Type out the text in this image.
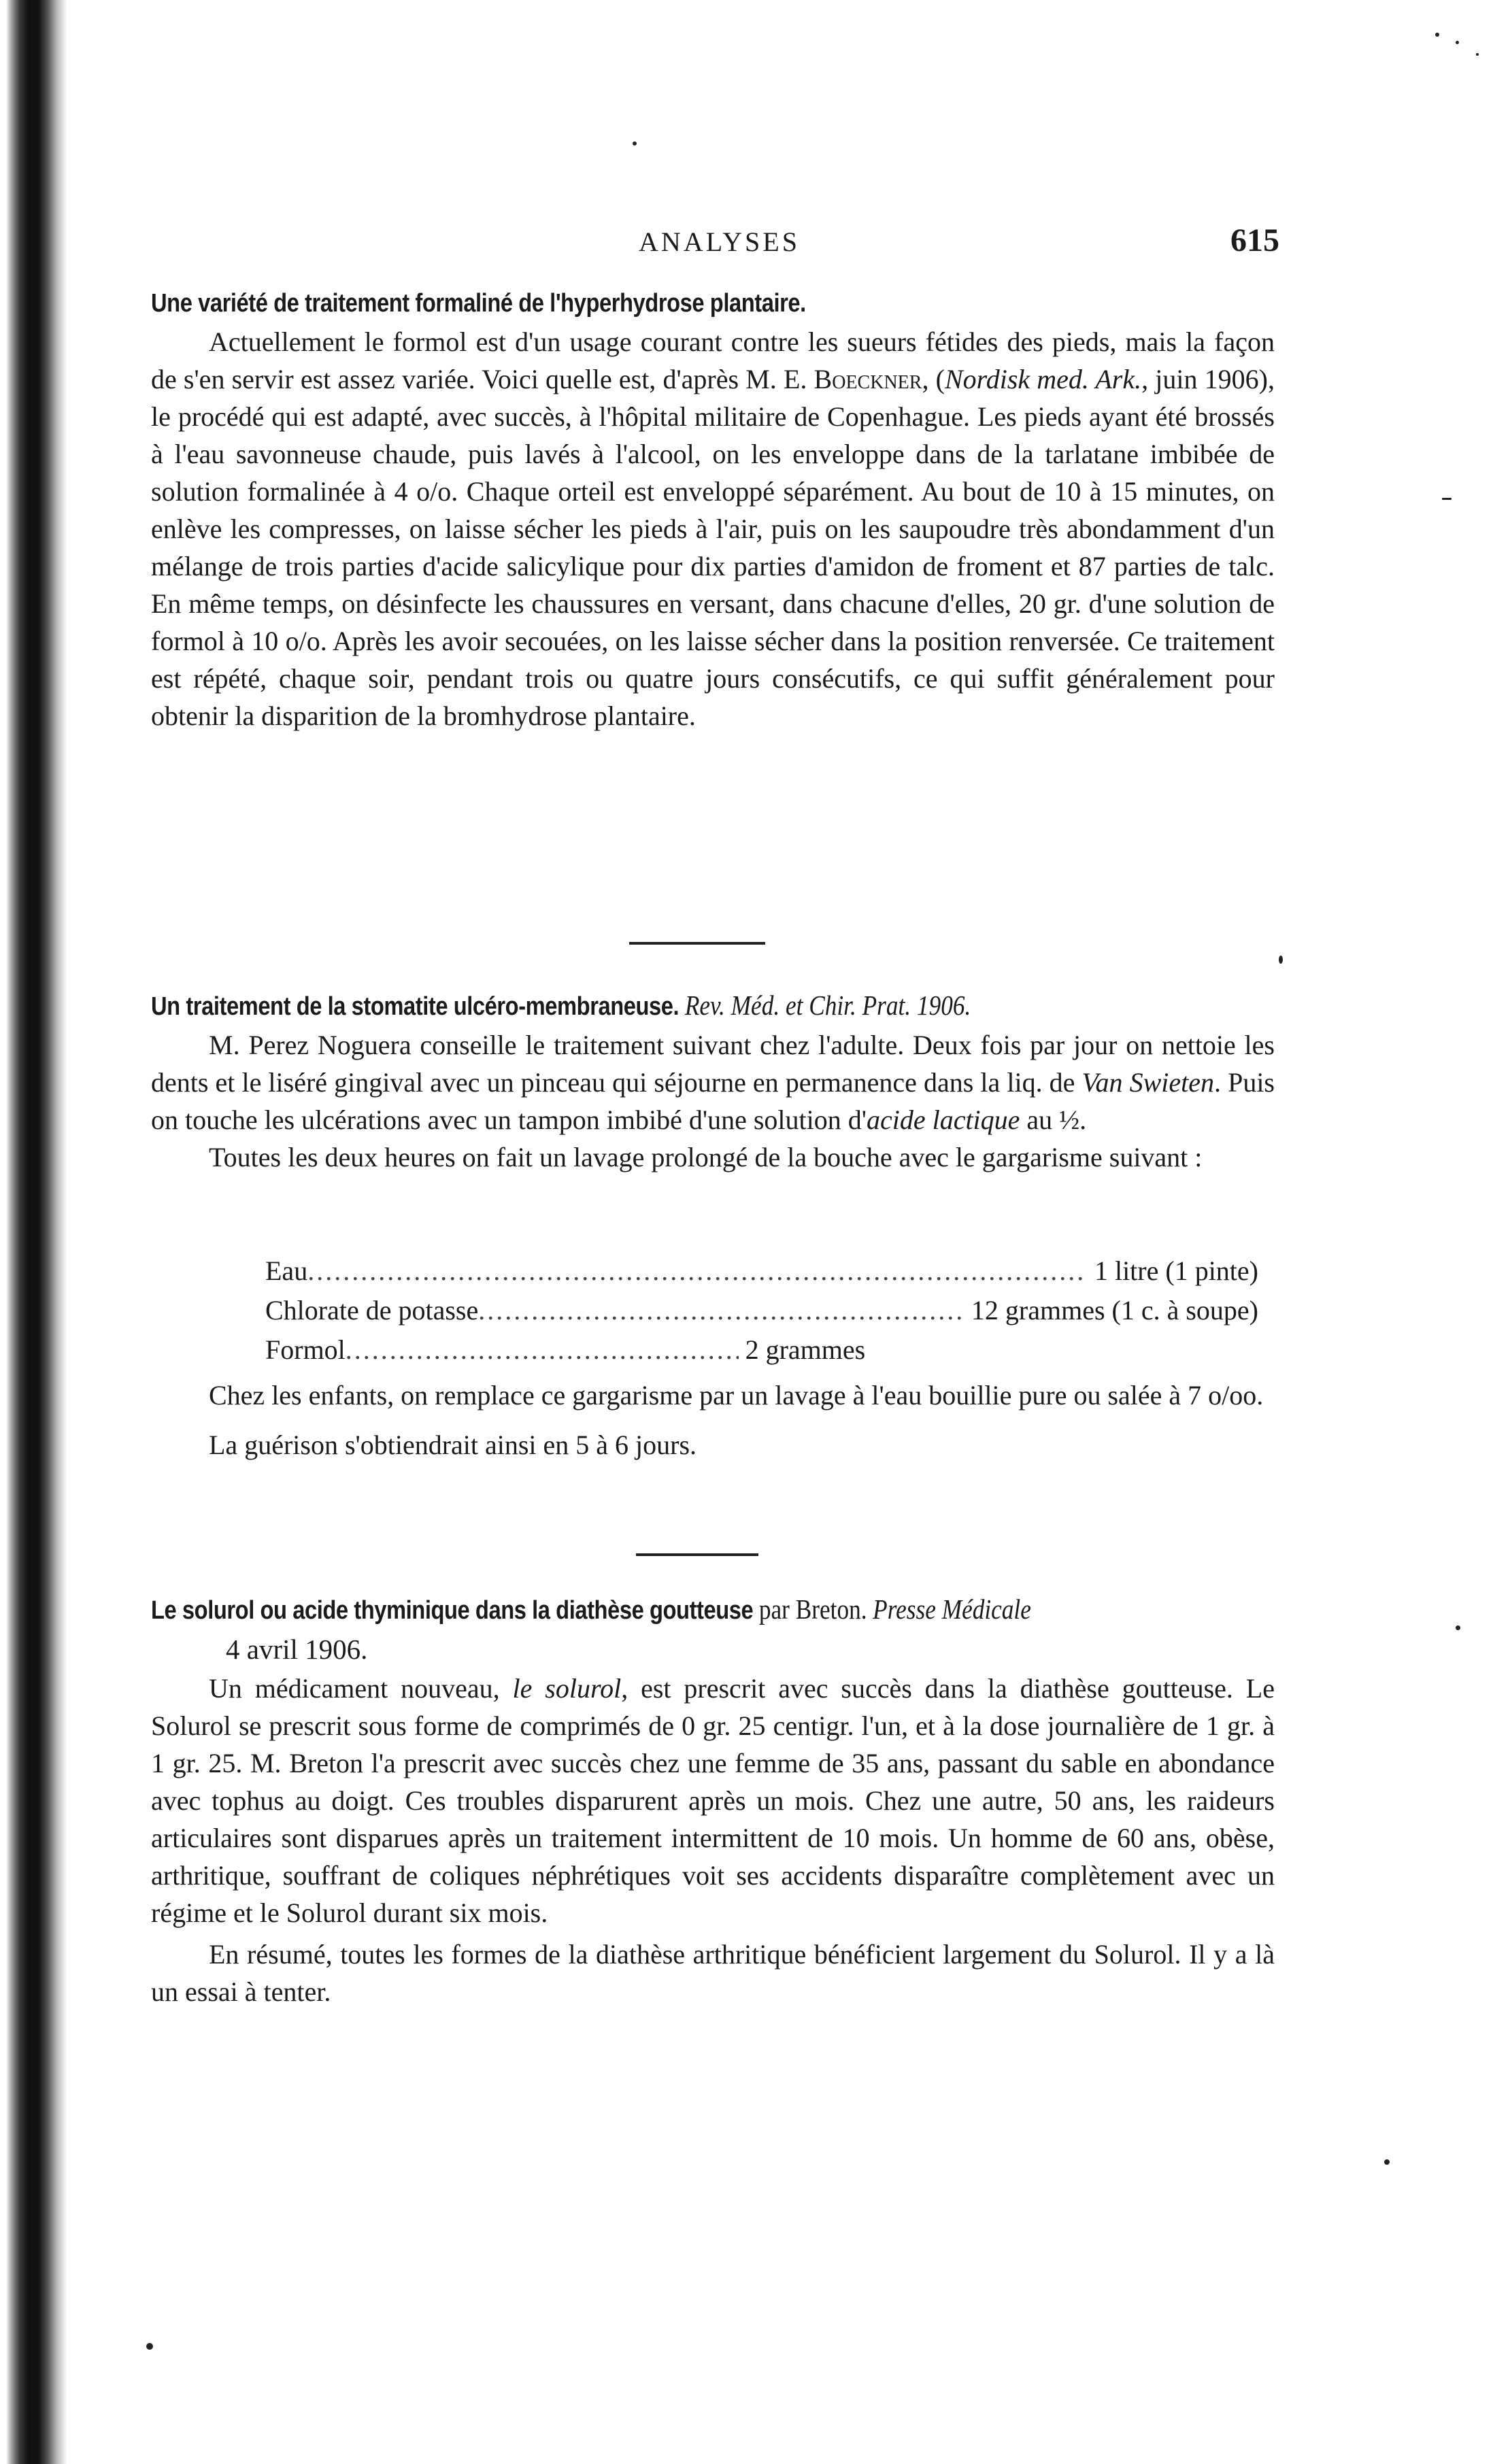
ANALYSES	615
Une variété de traitement formaliné de l'hyperhydrose plantaire.

Actuellement le formol est d'un usage courant contre les sueurs fétides des pieds, mais la façon de s'en servir est assez variée. Voici quelle est, d'après M. E. Boeckner, (Nordisk med. Ark., juin 1906), le procédé qui est adapté, avec succès, à l'hôpital militaire de Copenhague. Les pieds ayant été brossés à l'eau savonneuse chaude, puis lavés à l'alcool, on les enveloppe dans de la tarlatane imbibée de solution formalinée à 4 o/o. Chaque orteil est enveloppé séparément. Au bout de 10 à 15 minutes, on enlève les compresses, on laisse sécher les pieds à l'air, puis on les saupoudre très abondamment d'un mélange de trois parties d'acide salicylique pour dix parties d'amidon de froment et 87 parties de talc. En même temps, on désinfecte les chaussures en versant, dans chacune d'elles, 20 gr. d'une solution de formol à 10 o/o. Après les avoir secouées, on les laisse sécher dans la position renversée. Ce traitement est répété, chaque soir, pendant trois ou quatre jours consécutifs, ce qui suffit généralement pour obtenir la disparition de la bromhydrose plantaire.

Un traitement de la stomatite ulcéro-membraneuse. Rev. Méd. et Chir. Prat. 1906.

M. Perez Noguera conseille le traitement suivant chez l'adulte. Deux fois par jour on nettoie les dents et le liséré gingival avec un pinceau qui séjourne en permanence dans la liq. de Van Swieten. Puis on touche les ulcérations avec un tampon imbibé d'une solution d'acide lactique au ½.

Toutes les deux heures on fait un lavage prolongé de la bouche avec le gargarisme suivant :

Eau .....	1 litre (1 pinte)
Chlorate de potasse .....	12 grammes (1 c. à soupe)
Formol .....	2 grammes

Chez les enfants, on remplace ce gargarisme par un lavage à l'eau bouillie pure ou salée à 7 o/oo.

La guérison s'obtiendrait ainsi en 5 à 6 jours.

Le solurol ou acide thyminique dans la diathèse goutteuse par Breton. Presse Médicale
4 avril 1906.

Un médicament nouveau, le solurol, est prescrit avec succès dans la diathèse goutteuse. Le Solurol se prescrit sous forme de comprimés de 0 gr. 25 centigr. l'un, et à la dose journalière de 1 gr. à 1 gr. 25. M. Breton l'a prescrit avec succès chez une femme de 35 ans, passant du sable en abondance avec tophus au doigt. Ces troubles disparurent après un mois. Chez une autre, 50 ans, les raideurs articulaires sont disparues après un traitement intermittent de 10 mois. Un homme de 60 ans, obèse, arthritique, souffrant de coliques néphrétiques voit ses accidents disparaître complètement avec un régime et le Solurol durant six mois.

En résumé, toutes les formes de la diathèse arthritique bénéficient largement du Solurol. Il y a là un essai à tenter.
